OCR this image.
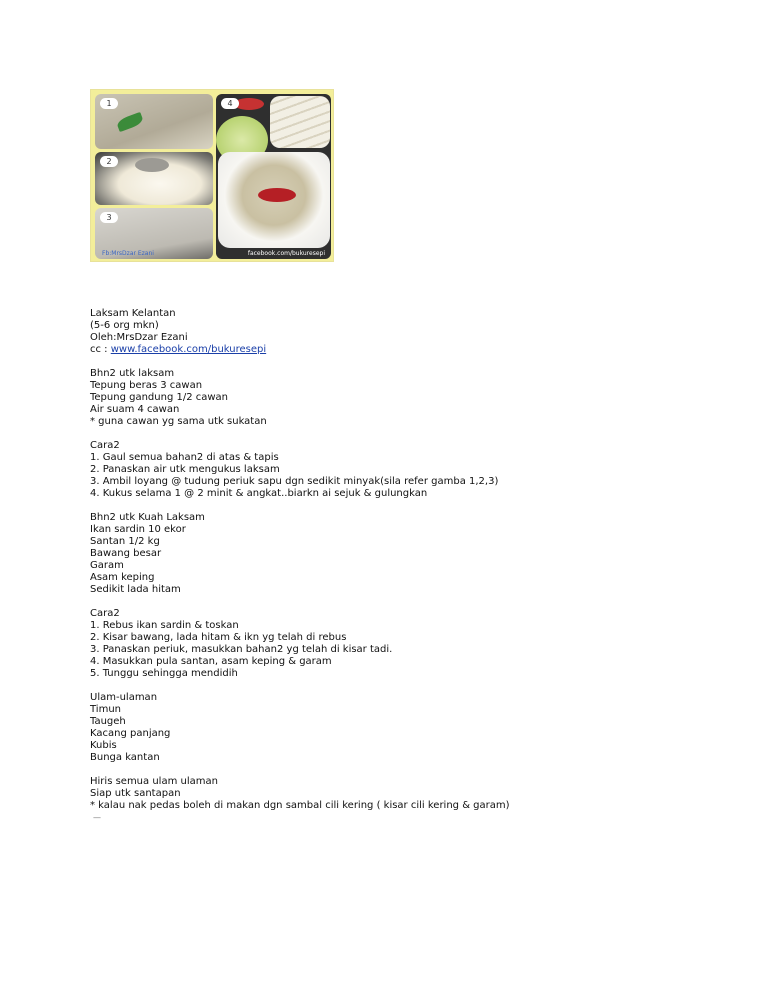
1
2
3
Fb:MrsDzar Ezani
4
facebook.com/bukuresepi
Laksam Kelantan
(5-6 org mkn)
Oleh:MrsDzar Ezani
cc : www.facebook.com/bukuresepi
Bhn2 utk laksam
Tepung beras 3 cawan
Tepung gandung 1/2 cawan
Air suam 4 cawan
* guna cawan yg sama utk sukatan
Cara2
1. Gaul semua bahan2 di atas & tapis
2. Panaskan air utk mengukus laksam
3. Ambil loyang @ tudung periuk sapu dgn sedikit minyak(sila refer gamba 1,2,3)
4. Kukus selama 1 @ 2 minit & angkat..biarkn ai sejuk & gulungkan
Bhn2 utk Kuah Laksam
Ikan sardin 10 ekor
Santan 1/2 kg
Bawang besar
Garam
Asam keping
Sedikit lada hitam
Cara2
1. Rebus ikan sardin & toskan
2. Kisar bawang, lada hitam & ikn yg telah di rebus
3. Panaskan periuk, masukkan bahan2 yg telah di kisar tadi.
4. Masukkan pula santan, asam keping & garam
5. Tunggu sehingga mendidih
Ulam-ulaman
Timun
Taugeh
Kacang panjang
Kubis
Bunga kantan
Hiris semua ulam ulaman
Siap utk santapan
* kalau nak pedas boleh di makan dgn sambal cili kering ( kisar cili kering & garam)
—
